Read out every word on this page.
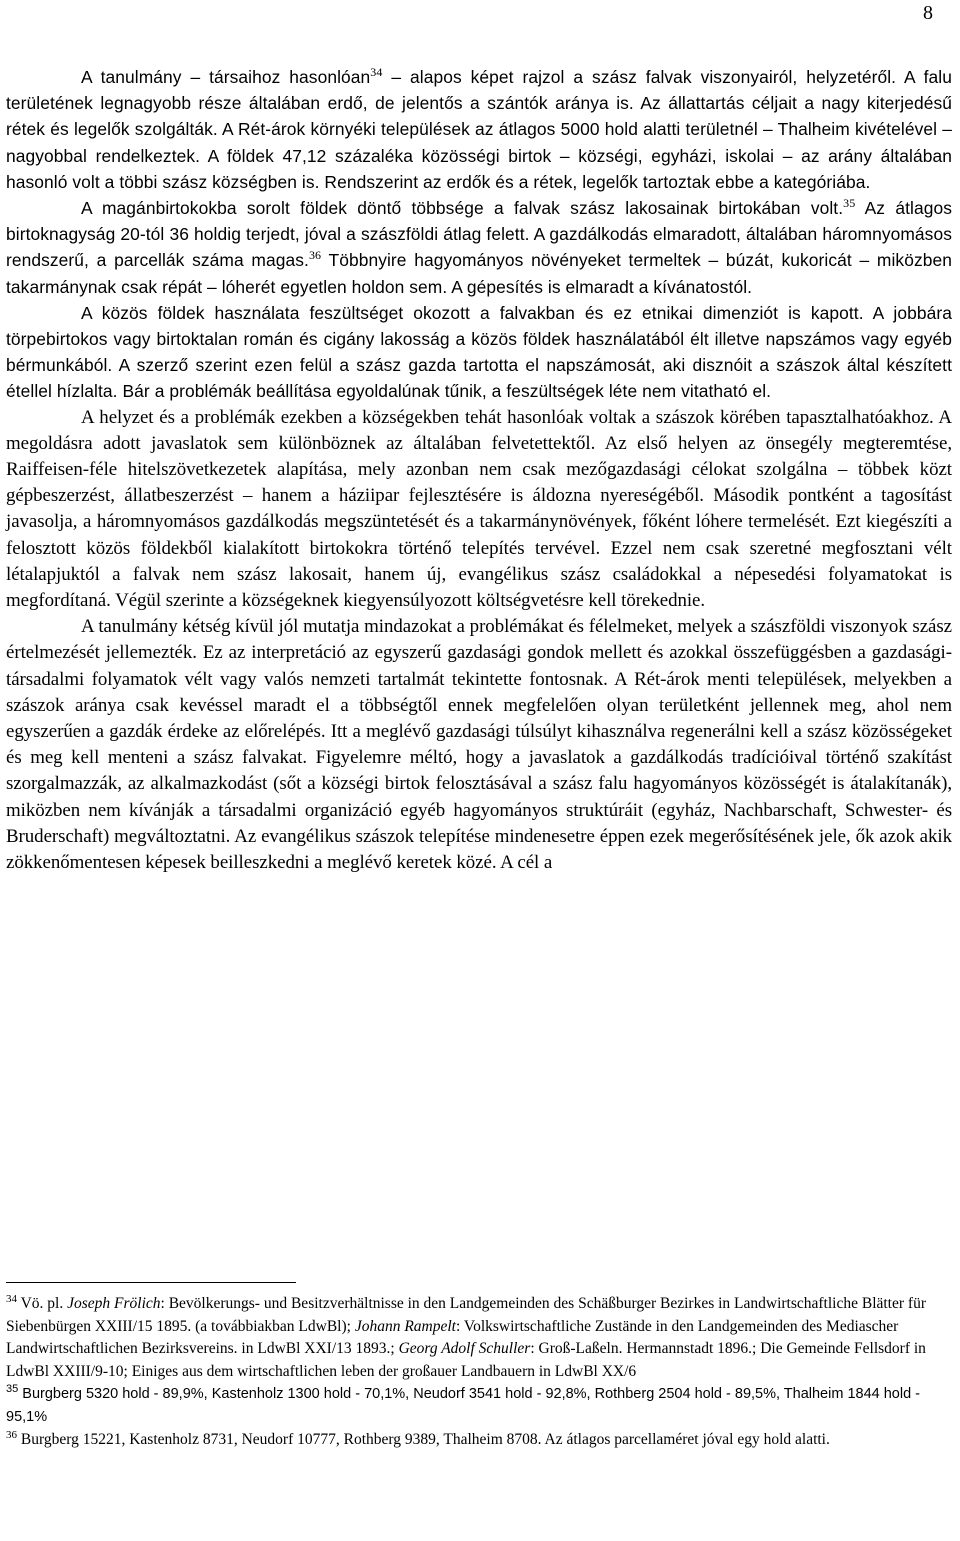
8

A tanulmány – társaihoz hasonlóan$^{34}$ – alapos képet rajzol a szász falvak viszonyairól, helyzetéről. A falu területének legnagyobb része általában erdő, de jelentős a szántók aránya is. Az állattartás céljait a nagy kiterjedésű rétek és legelők szolgálták. A Rét-árok környéki települések az átlagos 5000 hold alatti területnél – Thalheim kivételével – nagyobbal rendelkeztek. A földek 47,12 százaléka közösségi birtok – községi, egyházi, iskolai – az arány általában hasonló volt a többi szász községben is. Rendszerint az erdők és a rétek, legelők tartoztak ebbe a kategóriába.

A magánbirtokokba sorolt földek döntő többsége a falvak szász lakosainak birtokában volt.$^{35}$ Az átlagos birtoknagyság 20-tól 36 holdig terjedt, jóval a szászföldi átlag felett. A gazdálkodás elmaradott, általában háromnyomásos rendszerű, a parcellák száma magas.$^{36}$ Többnyire hagyományos növényeket termeltek – búzát, kukoricát – miközben takarmánynak csak répát – lóherét egyetlen holdon sem. A gépesítés is elmaradt a kívánatostól.

A közös földek használata feszültséget okozott a falvakban és ez etnikai dimenziót is kapott. A jobbára törpebirtokos vagy birtoktalan román és cigány lakosság a közös földek használatából élt illetve napszámos vagy egyéb bérmunkából. A szerző szerint ezen felül a szász gazda tartotta el napszámosát, aki disznóit a szászok által készített étellel hízlalta. Bár a problémák beállítása egyoldalúnak tűnik, a feszültségek léte nem vitatható el.

A helyzet és a problémák ezekben a községekben tehát hasonlóak voltak a szászok körében tapasztalhatóakhoz. A megoldásra adott javaslatok sem különböznek az általában felvetettektől. Az első helyen az önsegély megteremtése, Raiffeisen-féle hitelszövetkezetek alapítása, mely azonban nem csak mezőgazdasági célokat szolgálna – többek közt gépbeszerzést, állatbeszerzést – hanem a háziipar fejlesztésére is áldozna nyereségéből. Második pontként a tagosítást javasolja, a háromnyomásos gazdálkodás megszüntetését és a takarmánynövények, főként lóhere termelését. Ezt kiegészíti a felosztott közös földekből kialakított birtokokra történő telepítés tervével. Ezzel nem csak szeretné megfosztani vélt létalapjuktól a falvak nem szász lakosait, hanem új, evangélikus szász családokkal a népesedési folyamatokat is megfordítaná. Végül szerinte a községeknek kiegyensúlyozott költségvetésre kell törekednie.

A tanulmány kétség kívül jól mutatja mindazokat a problémákat és félelmeket, melyek a szászföldi viszonyok szász értelmezését jellemezték. Ez az interpretáció az egyszerű gazdasági gondok mellett és azokkal összefüggésben a gazdasági-társadalmi folyamatok vélt vagy valós nemzeti tartalmát tekintette fontosnak. A Rét-árok menti települések, melyekben a szászok aránya csak kevéssel maradt el a többségtől ennek megfelelően olyan területként jellennek meg, ahol nem egyszerűen a gazdák érdeke az előrelépés. Itt a meglévő gazdasági túlsúlyt kihasználva regenerálni kell a szász közösségeket és meg kell menteni a szász falvakat. Figyelemre méltó, hogy a javaslatok a gazdálkodás tradícióival történő szakítást szorgalmazzák, az alkalmazkodást (sőt a községi birtok felosztásával a szász falu hagyományos közösségét is átalakítanák), miközben nem kívánják a társadalmi organizáció egyéb hagyományos struktúráit (egyház, Nachbarschaft, Schwester- és Bruderschaft) megváltoztatni. Az evangélikus szászok telepítése mindenesetre éppen ezek megerősítésének jele, ők azok akik zökkenőmentesen képesek beilleszkedni a meglévő keretek közé. A cél a

$^{34}$ Vö. pl. Joseph Frölich: Bevölkerungs- und Besitzverhältnisse in den Landgemeinden des Schäßburger Bezirkes in Landwirtschaftliche Blätter für Siebenbürgen XXIII/15 1895. (a továbbiakban LdwBl); Johann Rampelt: Volkswirtschaftliche Zustände in den Landgemeinden des Mediascher Landwirtschaftlichen Bezirksvereins. in LdwBl XXI/13 1893.; Georg Adolf Schuller: Groß-Laßeln. Hermannstadt 1896.; Die Gemeinde Fellsdorf in LdwBl XXIII/9-10; Einiges aus dem wirtschaftlichen leben der großauer Landbauern in LdwBl XX/6

$^{35}$ Burgberg 5320 hold - 89,9%, Kastenholz 1300 hold - 70,1%, Neudorf 3541 hold - 92,8%, Rothberg 2504 hold - 89,5%, Thalheim 1844 hold - 95,1%

$^{36}$ Burgberg 15221, Kastenholz 8731, Neudorf 10777, Rothberg 9389, Thalheim 8708. Az átlagos parcellaméret jóval egy hold alatti.
